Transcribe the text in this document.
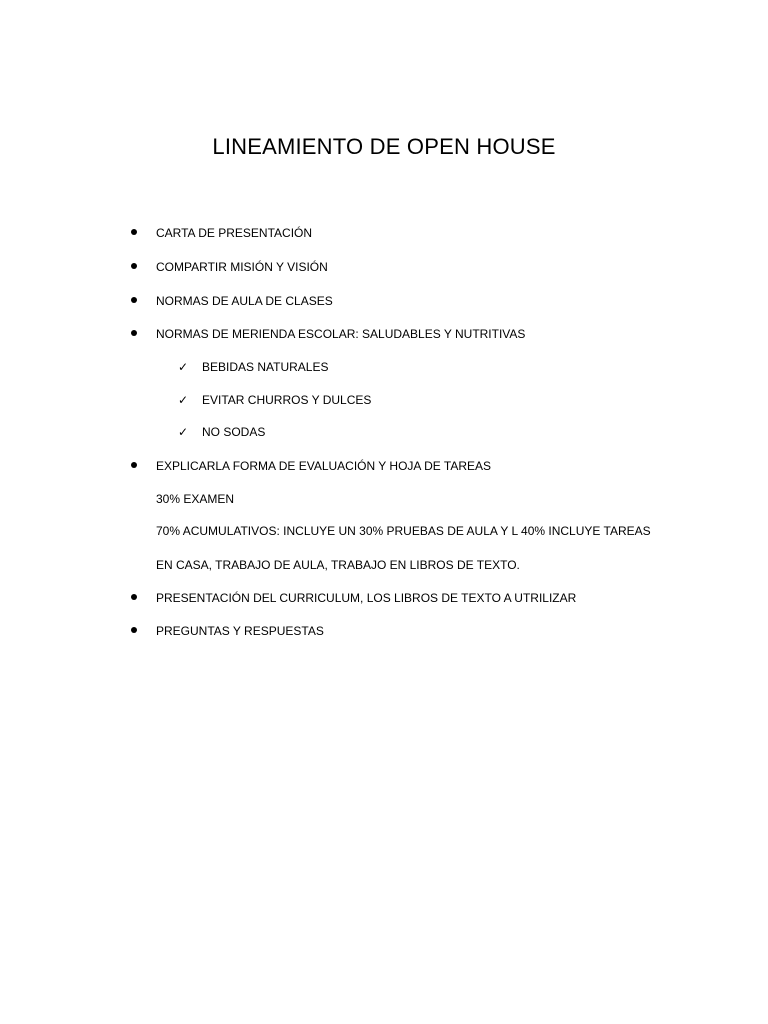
LINEAMIENTO DE OPEN HOUSE
CARTA DE PRESENTACIÓN
COMPARTIR MISIÓN Y VISIÓN
NORMAS DE AULA DE CLASES
NORMAS DE MERIENDA ESCOLAR: SALUDABLES Y NUTRITIVAS
✓ BEBIDAS NATURALES
✓ EVITAR CHURROS Y DULCES
✓ NO SODAS
EXPLICARLA FORMA DE EVALUACIÓN Y HOJA DE TAREAS
30% EXAMEN
70% ACUMULATIVOS: INCLUYE UN 30% PRUEBAS DE AULA Y L 40% INCLUYE TAREAS
EN CASA, TRABAJO DE AULA, TRABAJO EN LIBROS DE TEXTO.
PRESENTACIÓN DEL CURRICULUM, LOS LIBROS DE TEXTO A UTRILIZAR
PREGUNTAS Y RESPUESTAS
